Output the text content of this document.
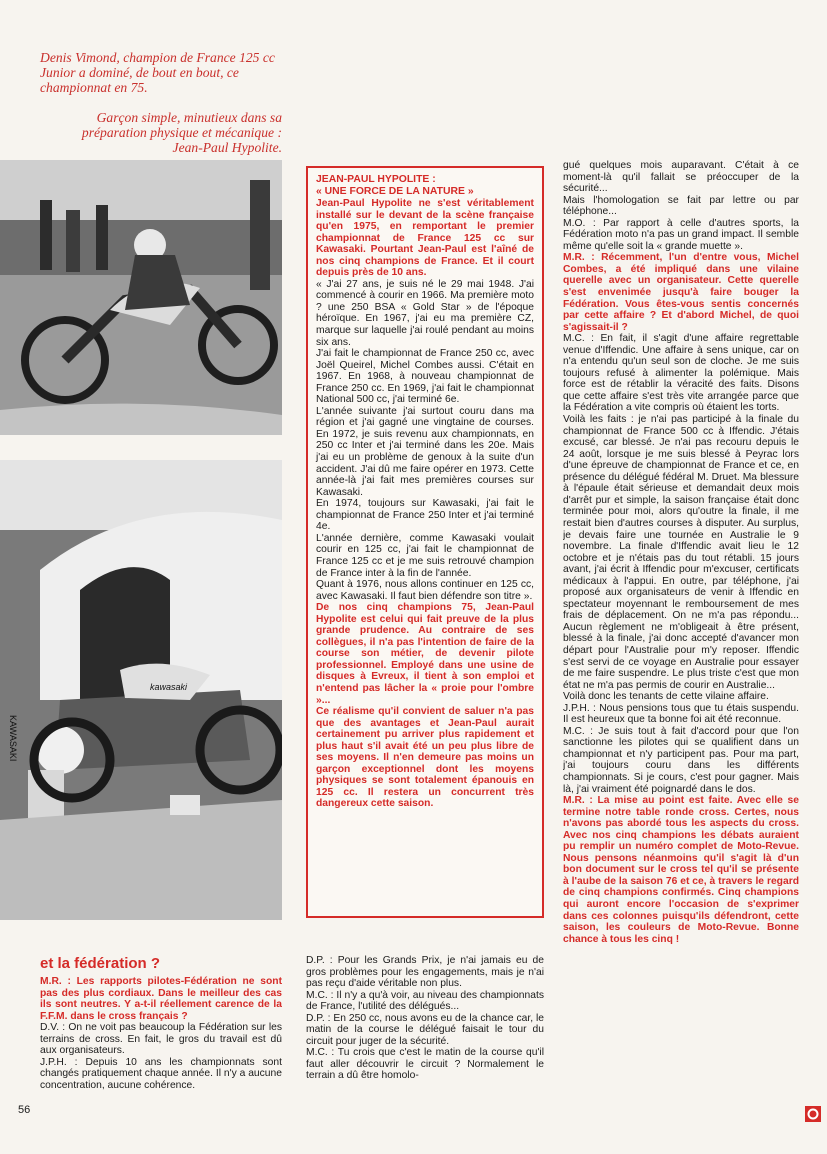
Denis Vimond, champion de France 125 cc Junior a dominé, de bout en bout, ce championnat en 75.
Garçon simple, minutieux dans sa préparation physique et mécanique : Jean-Paul Hypolite.
kawasaki
KAWASAKI
JEAN-PAUL HYPOLITE :
« UNE FORCE DE LA NATURE »

Jean-Paul Hypolite ne s'est véritablement installé sur le devant de la scène française qu'en 1975, en remportant le premier championnat de France 125 cc sur Kawasaki. Pourtant Jean-Paul est l'aîné de nos cinq champions de France. Et il court depuis près de 10 ans.

« J'ai 27 ans, je suis né le 29 mai 1948. J'ai commencé à courir en 1966. Ma première moto ? une 250 BSA « Gold Star » de l'époque héroïque. En 1967, j'ai eu ma première CZ, marque sur laquelle j'ai roulé pendant au moins six ans.

J'ai fait le championnat de France 250 cc, avec Joël Queirel, Michel Combes aussi. C'était en 1967. En 1968, à nouveau championnat de France 250 cc. En 1969, j'ai fait le championnat National 500 cc, j'ai terminé 6e.

L'année suivante j'ai surtout couru dans ma région et j'ai gagné une vingtaine de courses. En 1972, je suis revenu aux championnats, en 250 cc Inter et j'ai terminé dans les 20e. Mais j'ai eu un problème de genoux à la suite d'un accident. J'ai dû me faire opérer en 1973. Cette année-là j'ai fait mes premières courses sur Kawasaki.

En 1974, toujours sur Kawasaki, j'ai fait le championnat de France 250 Inter et j'ai terminé 4e.

L'année dernière, comme Kawasaki voulait courir en 125 cc, j'ai fait le championnat de France 125 cc et je me suis retrouvé champion de France inter à la fin de l'année.

Quant à 1976, nous allons continuer en 125 cc, avec Kawasaki. Il faut bien défendre son titre ».

De nos cinq champions 75, Jean-Paul Hypolite est celui qui fait preuve de la plus grande prudence. Au contraire de ses collègues, il n'a pas l'intention de faire de la course son métier, de devenir pilote professionnel. Employé dans une usine de disques à Evreux, il tient à son emploi et n'entend pas lâcher la « proie pour l'ombre »...

Ce réalisme qu'il convient de saluer n'a pas que des avantages et Jean-Paul aurait certainement pu arriver plus rapidement et plus haut s'il avait été un peu plus libre de ses moyens. Il n'en demeure pas moins un garçon exceptionnel dont les moyens physiques se sont totalement épanouis en 125 cc. Il restera un concurrent très dangereux cette saison.

gué quelques mois auparavant. C'était à ce moment-là qu'il fallait se préoccuper de la sécurité...

Mais l'homologation se fait par lettre ou par téléphone...

M.O. : Par rapport à celle d'autres sports, la Fédération moto n'a pas un grand impact. Il semble même qu'elle soit la « grande muette ».

M.R. : Récemment, l'un d'entre vous, Michel Combes, a été impliqué dans une vilaine querelle avec un organisateur. Cette querelle s'est envenimée jusqu'à faire bouger la Fédération. Vous êtes-vous sentis concernés par cette affaire ? Et d'abord Michel, de quoi s'agissait-il ?

M.C. : En fait, il s'agit d'une affaire regrettable venue d'Iffendic. Une affaire à sens unique, car on n'a entendu qu'un seul son de cloche. Je me suis toujours refusé à alimenter la polémique. Mais force est de rétablir la véracité des faits. Disons que cette affaire s'est très vite arrangée parce que la Fédération a vite compris où étaient les torts.

Voilà les faits : je n'ai pas participé à la finale du championnat de France 500 cc à Iffendic. J'étais excusé, car blessé. Je n'ai pas recouru depuis le 24 août, lorsque je me suis blessé à Peyrac lors d'une épreuve de championnat de France et ce, en présence du délégué fédéral M. Druet. Ma blessure à l'épaule était sérieuse et demandait deux mois d'arrêt pur et simple, la saison française était donc terminée pour moi, alors qu'outre la finale, il me restait bien d'autres courses à disputer. Au surplus, je devais faire une tournée en Australie le 9 novembre. La finale d'Iffendic avait lieu le 12 octobre et je n'étais pas du tout rétabli. 15 jours avant, j'ai écrit à Iffendic pour m'excuser, certificats médicaux à l'appui. En outre, par téléphone, j'ai proposé aux organisateurs de venir à Iffendic en spectateur moyennant le remboursement de mes frais de déplacement. On ne m'a pas répondu... Aucun règlement ne m'obligeait à être présent, blessé à la finale, j'ai donc accepté d'avancer mon départ pour l'Australie pour m'y reposer. Iffendic s'est servi de ce voyage en Australie pour essayer de me faire suspendre. Le plus triste c'est que mon état ne m'a pas permis de courir en Australie...

Voilà donc les tenants de cette vilaine affaire.

J.P.H. : Nous pensions tous que tu étais suspendu. Il est heureux que ta bonne foi ait été reconnue.

M.C. : Je suis tout à fait d'accord pour que l'on sanctionne les pilotes qui se qualifient dans un championnat et n'y participent pas. Pour ma part, j'ai toujours couru dans les différents championnats. Si je cours, c'est pour gagner. Mais là, j'ai vraiment été poignardé dans le dos.

M.R. : La mise au point est faite. Avec elle se termine notre table ronde cross. Certes, nous n'avons pas abordé tous les aspects du cross. Avec nos cinq champions les débats auraient pu remplir un numéro complet de Moto-Revue. Nous pensons néanmoins qu'il s'agit là d'un bon document sur le cross tel qu'il se présente à l'aube de la saison 76 et ce, à travers le regard de cinq champions confirmés. Cinq champions qui auront encore l'occasion de s'exprimer dans ces colonnes puisqu'ils défendront, cette saison, les couleurs de Moto-Revue. Bonne chance à tous les cinq !

et la fédération ?

M.R. : Les rapports pilotes-Fédération ne sont pas des plus cordiaux. Dans le meilleur des cas ils sont neutres. Y a-t-il réellement carence de la F.F.M. dans le cross français ?

D.V. : On ne voit pas beaucoup la Fédération sur les terrains de cross. En fait, le gros du travail est dû aux organisateurs.

J.P.H. : Depuis 10 ans les championnats sont changés pratiquement chaque année. Il n'y a aucune concentration, aucune cohérence.

D.P. : Pour les Grands Prix, je n'ai jamais eu de gros problèmes pour les engagements, mais je n'ai pas reçu d'aide véritable non plus.

M.C. : Il n'y a qu'à voir, au niveau des championnats de France, l'utilité des délégués...

D.P. : En 250 cc, nous avons eu de la chance car, le matin de la course le délégué faisait le tour du circuit pour juger de la sécurité.

M.C. : Tu crois que c'est le matin de la course qu'il faut aller découvrir le circuit ? Normalement le terrain a dû être homolo-

56
